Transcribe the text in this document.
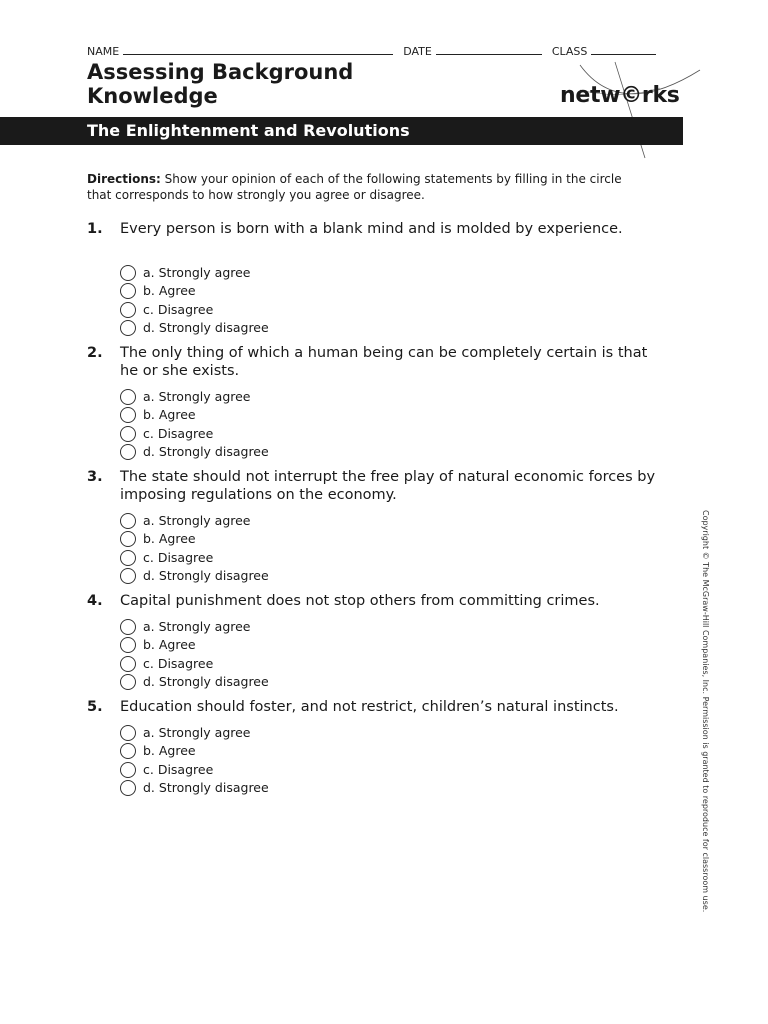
NAME	DATE	CLASS
Assessing Background
Knowledge	netw©rks
The Enlightenment and Revolutions
Directions: Show your opinion of each of the following statements by filling in the circle that corresponds to how strongly you agree or disagree.
1. Every person is born with a blank mind and is molded by experience.
a. Strongly agree
b. Agree
c. Disagree
d. Strongly disagree
2. The only thing of which a human being can be completely certain is that he or she exists.
a. Strongly agree
b. Agree
c. Disagree
d. Strongly disagree
3. The state should not interrupt the free play of natural economic forces by imposing regulations on the economy.
a. Strongly agree
b. Agree
c. Disagree
d. Strongly disagree
4. Capital punishment does not stop others from committing crimes.
a. Strongly agree
b. Agree
c. Disagree
d. Strongly disagree
5. Education should foster, and not restrict, children’s natural instincts.
a. Strongly agree
b. Agree
c. Disagree
d. Strongly disagree	Copyright © The McGraw-Hill Companies, Inc. Permission is granted to reproduce for classroom use.
